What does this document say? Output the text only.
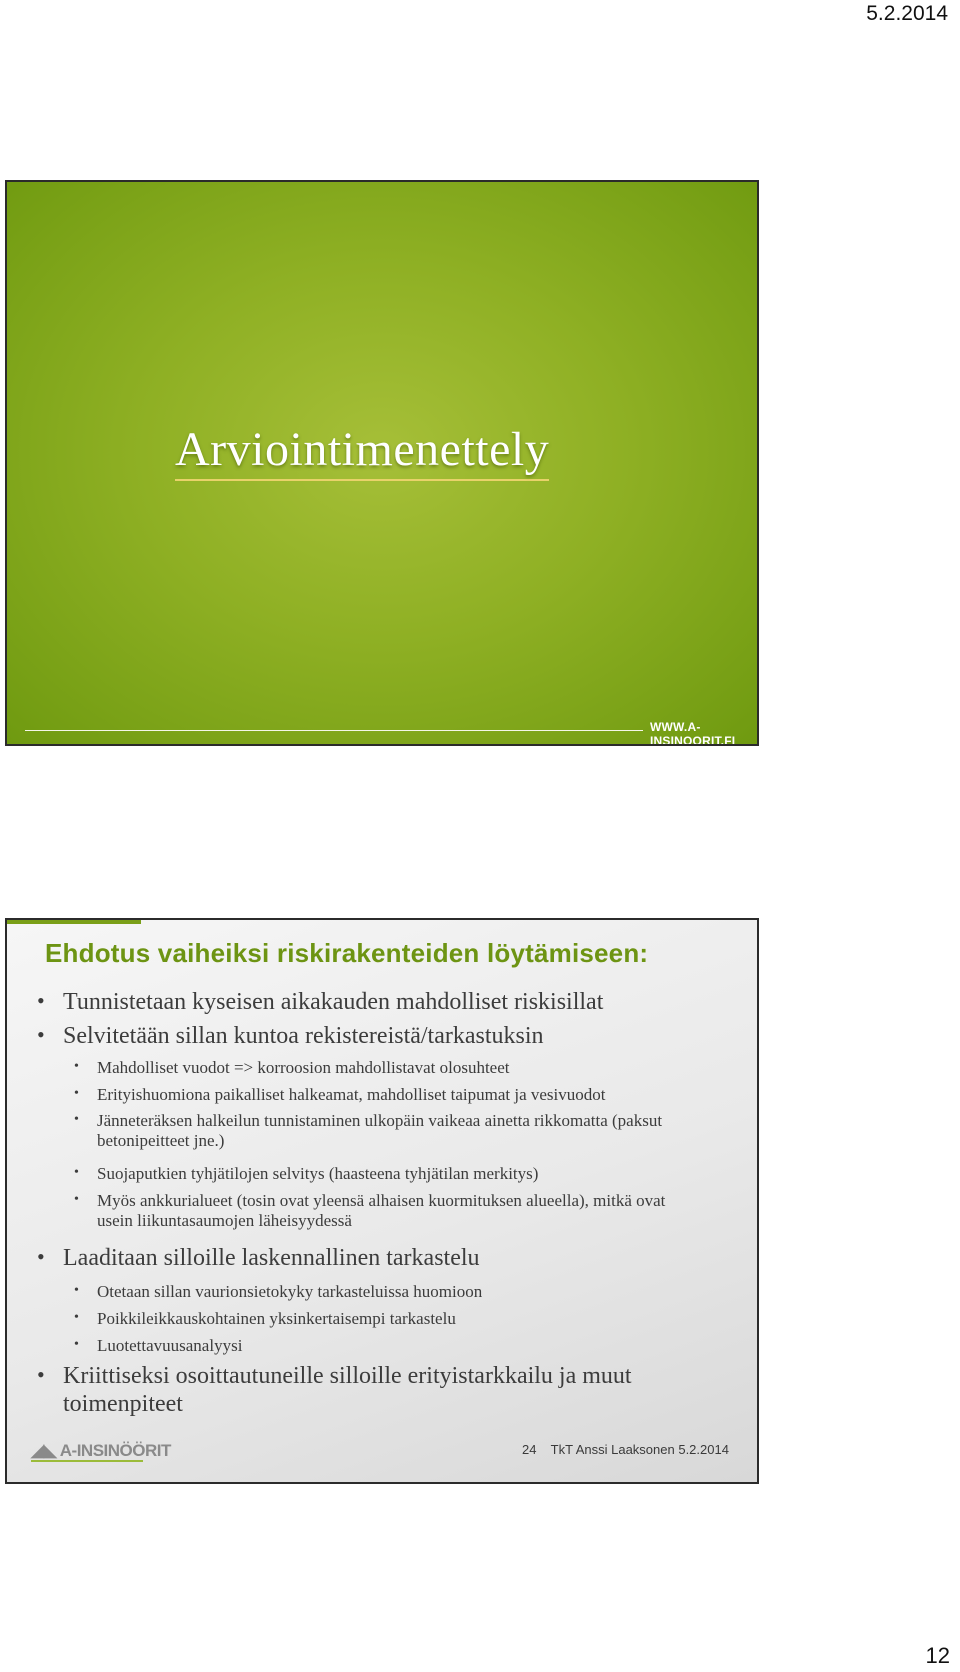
5.2.2014
Arviointimenettely
WWW.A-INSINOORIT.FI
Ehdotus vaiheiksi riskirakenteiden löytämiseen:
• Tunnistetaan kyseisen aikakauden mahdolliset riskisillat
• Selvitetään sillan kuntoa rekistereistä/tarkastuksin
• Mahdolliset vuodot => korroosion mahdollistavat olosuhteet
• Erityishuomiona paikalliset halkeamat, mahdolliset taipumat ja vesivuodot
• Jänneteräksen halkeilun tunnistaminen ulkopäin vaikeaa ainetta rikkomatta (paksut betonipeitteet jne.)
• Suojaputkien tyhjätilojen selvitys (haasteena tyhjätilan merkitys)
• Myös ankkurialueet (tosin ovat yleensä alhaisen kuormituksen alueella), mitkä ovat usein liikuntasaumojen läheisyydessä
• Laaditaan silloille laskennallinen tarkastelu
• Otetaan sillan vaurionsietokyky tarkasteluissa huomioon
• Poikkileikkauskohtainen yksinkertaisempi tarkastelu
• Luotettavuusanalyysi
• Kriittiseksi osoittautuneille silloille erityistarkkailu ja muut toimenpiteet
◢◣ A-INSINÖÖRIT	24    TkT Anssi Laaksonen 5.2.2014
12
